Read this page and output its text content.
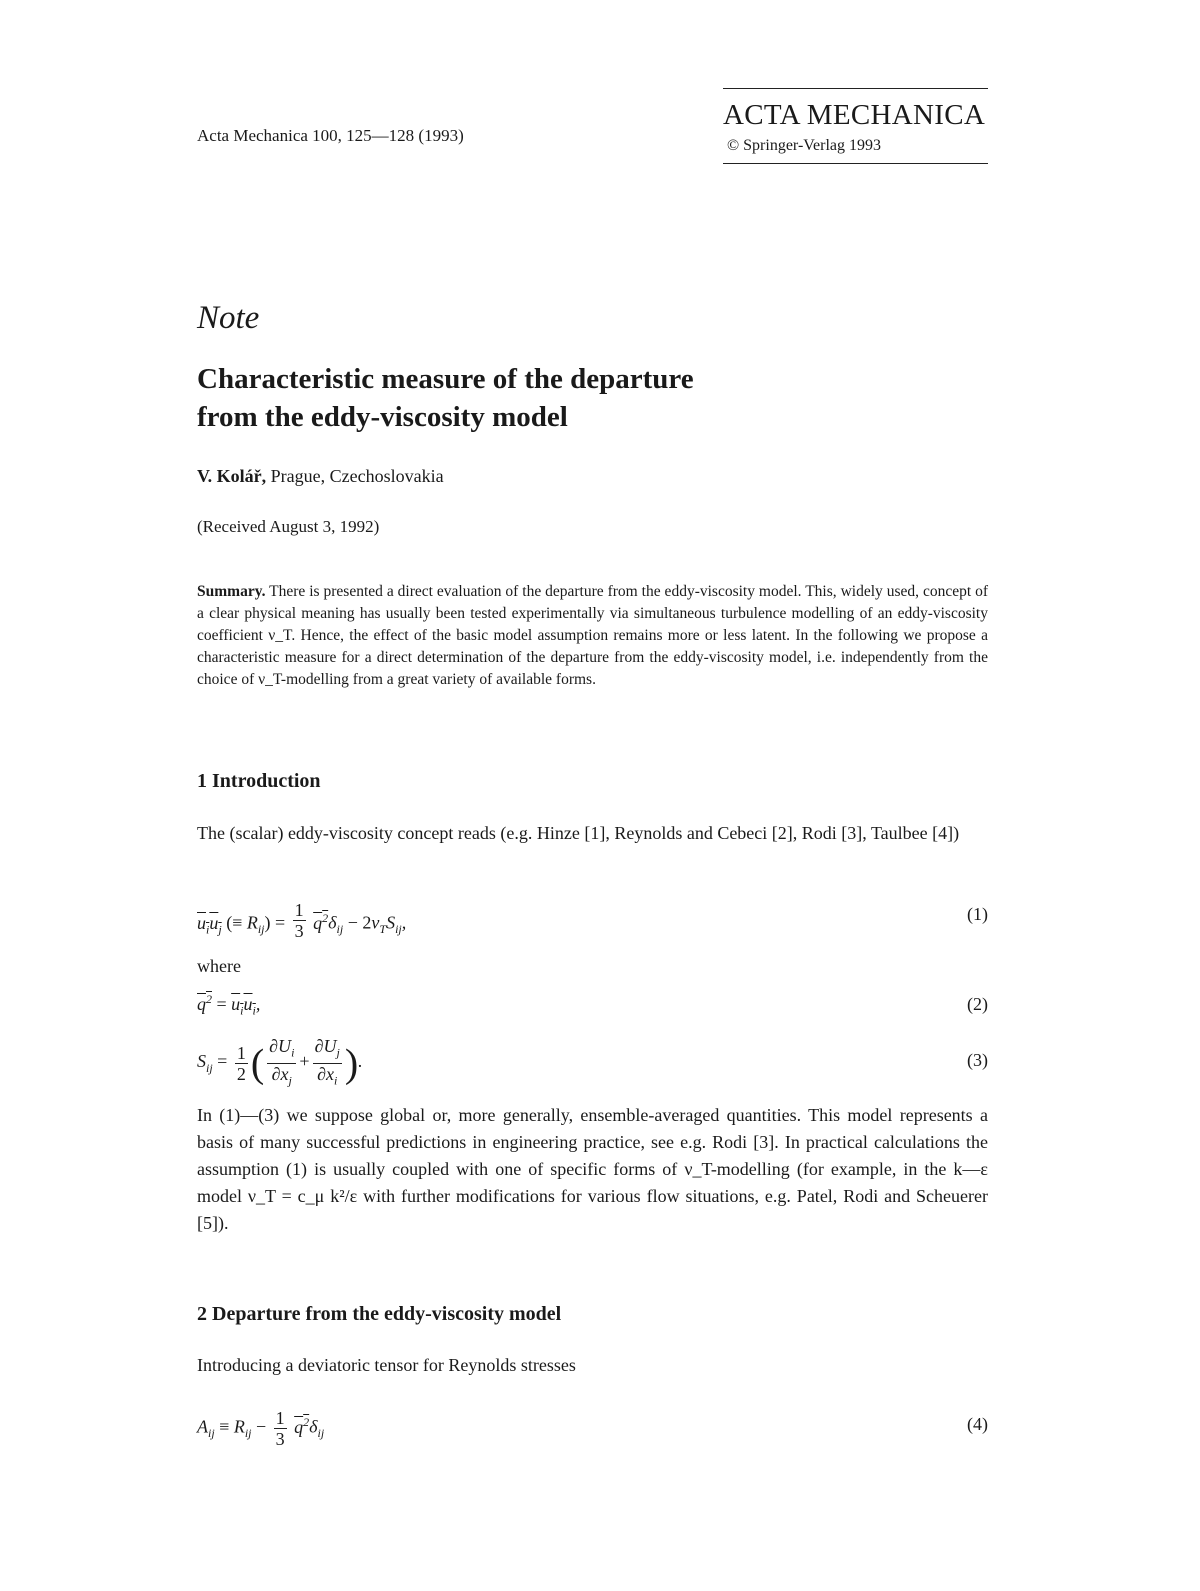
Acta Mechanica 100, 125—128 (1993)
ACTA MECHANICA
© Springer-Verlag 1993
Note
Characteristic measure of the departure
from the eddy-viscosity model
V. Kolář, Prague, Czechoslovakia
(Received August 3, 1992)
Summary. There is presented a direct evaluation of the departure from the eddy-viscosity model. This, widely used, concept of a clear physical meaning has usually been tested experimentally via simultaneous turbulence modelling of an eddy-viscosity coefficient ν_T. Hence, the effect of the basic model assumption remains more or less latent. In the following we propose a characteristic measure for a direct determination of the departure from the eddy-viscosity model, i.e. independently from the choice of ν_T-modelling from a great variety of available forms.
1 Introduction
The (scalar) eddy-viscosity concept reads (e.g. Hinze [1], Reynolds and Cebeci [2], Rodi [3], Taulbee [4])
$u_iu_j$ (≡ $R_{ij}) = \frac{1}{3} q^2\delta_{ij} - 2\nu_TS_{ij}$,	(1)
where
$q^2 = u_iu_i$,	(2)
$S_{ij} = \frac{1}{2}$ ( $\frac{\partial U_i}{\partial x_j} + \frac{\partial U_j}{\partial x_i}$ ).	(3)
In (1)—(3) we suppose global or, more generally, ensemble-averaged quantities. This model represents a basis of many successful predictions in engineering practice, see e.g. Rodi [3]. In practical calculations the assumption (1) is usually coupled with one of specific forms of ν_T-modelling (for example, in the k—ε model ν_T = c_μ k²/ε with further modifications for various flow situations, e.g. Patel, Rodi and Scheuerer [5]).
2 Departure from the eddy-viscosity model
Introducing a deviatoric tensor for Reynolds stresses
$A_{ij} \equiv R_{ij} - \frac{1}{3} q^2\delta_{ij}$	(4)
